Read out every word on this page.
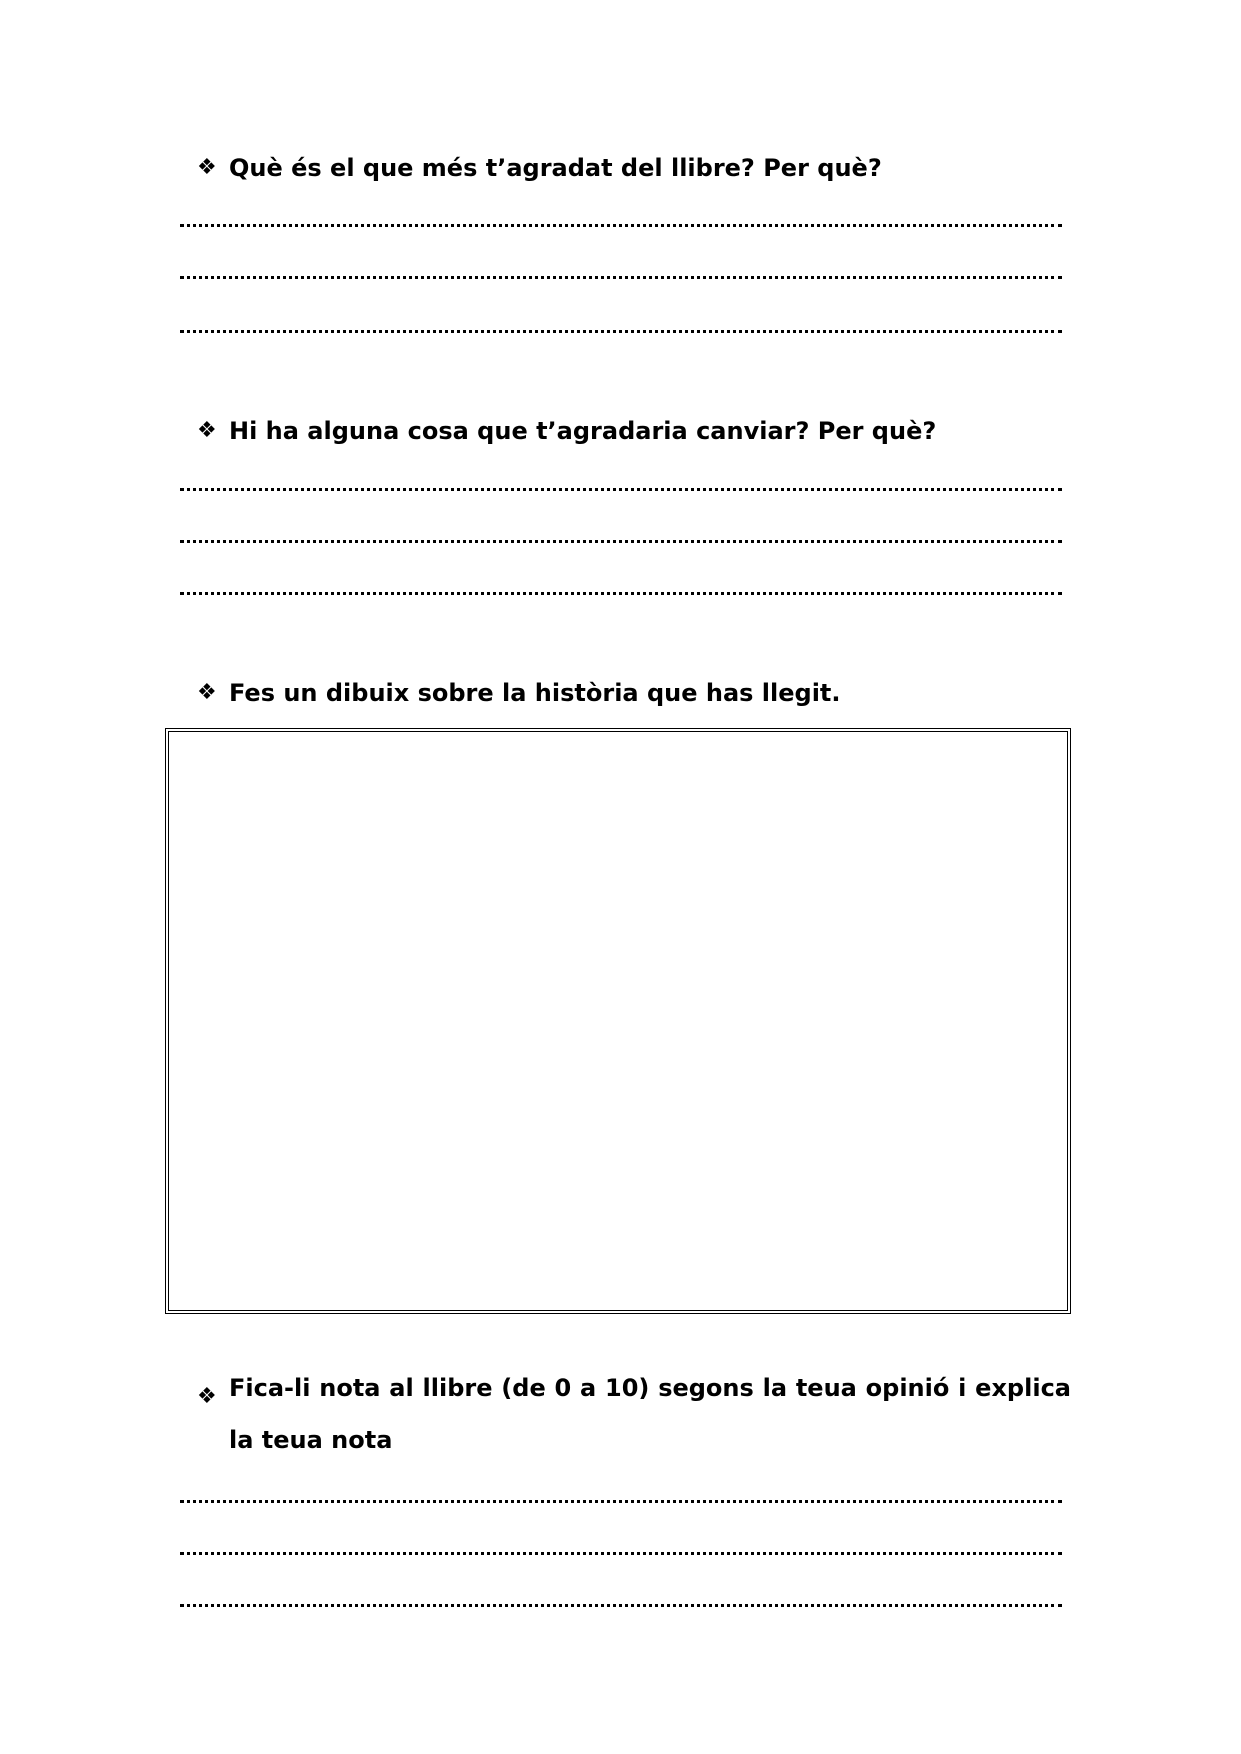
❖ Què és el que més t’agradat del llibre? Per què?

❖ Hi ha alguna cosa que t’agradaria canviar? Per què?

❖ Fes un dibuix sobre la història que has llegit.

❖ Fica-li nota al llibre (de 0 a 10) segons la teua opinió i explica la teua nota
